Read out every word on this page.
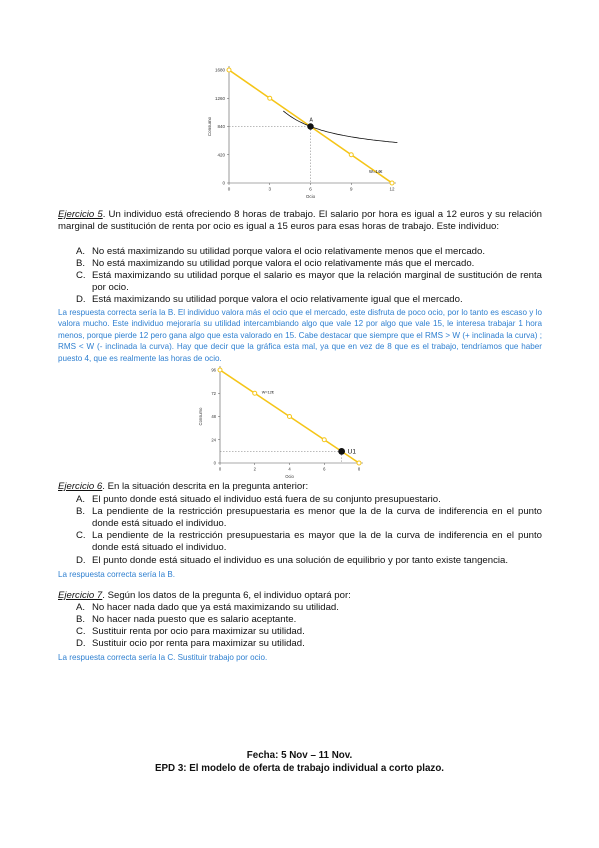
0	3	6	9	12
0
420
840
1260
1680
Ocio
Consumo	A
W=14€
Ejercicio 5. Un individuo está ofreciendo 8 horas de trabajo. El salario por hora es igual a 12 euros y su relación marginal de sustitución de renta por ocio es igual a 15 euros para esas horas de trabajo. Este individuo:
A. No está maximizando su utilidad porque valora el ocio relativamente menos que el mercado.
B. No está maximizando su utilidad porque valora el ocio relativamente más que el mercado.
C. Está maximizando su utilidad porque el salario es mayor que la relación marginal de sustitución de renta por ocio.
D. Está maximizando su utilidad porque valora el ocio relativamente igual que el mercado.
La respuesta correcta sería la B. El individuo valora más el ocio que el mercado, este disfruta de poco ocio, por lo tanto es escaso y lo valora mucho. Este individuo mejoraría su utilidad intercambiando algo que vale 12 por algo que vale 15, le interesa trabajar 1 hora menos, porque pierde 12 pero gana algo que esta valorado en 15. Cabe destacar que siempre que el RMS > W (+ inclinada la curva) ; RMS < W (- inclinada la curva). Hay que decir que la gráfica esta mal, ya que en vez de 8 que es el trabajo, tendríamos que haber puesto 4, que es realmente las horas de ocio.
0	2	4	6	8
0
24
48
72
96
Ocio
Consumo
U1
W=12€
Ejercicio 6. En la situación descrita en la pregunta anterior:
A. El punto donde está situado el individuo está fuera de su conjunto presupuestario.
B. La pendiente de la restricción presupuestaria es menor que la de la curva de indiferencia en el punto donde está situado el individuo.
C. La pendiente de la restricción presupuestaria es mayor que la de la curva de indiferencia en el punto donde está situado el individuo.
D. El punto donde está situado el individuo es una solución de equilibrio y por tanto existe tangencia.
La respuesta correcta sería la B.
Ejercicio 7. Según los datos de la pregunta 6, el individuo optará por:
A. No hacer nada dado que ya está maximizando su utilidad.
B. No hacer nada puesto que es salario aceptante.
C. Sustituir renta por ocio para maximizar su utilidad.
D. Sustituir ocio por renta para maximizar su utilidad.
La respuesta correcta sería la C. Sustituir trabajo por ocio.
Fecha: 5 Nov – 11 Nov.
EPD 3: El modelo de oferta de trabajo individual a corto plazo.
